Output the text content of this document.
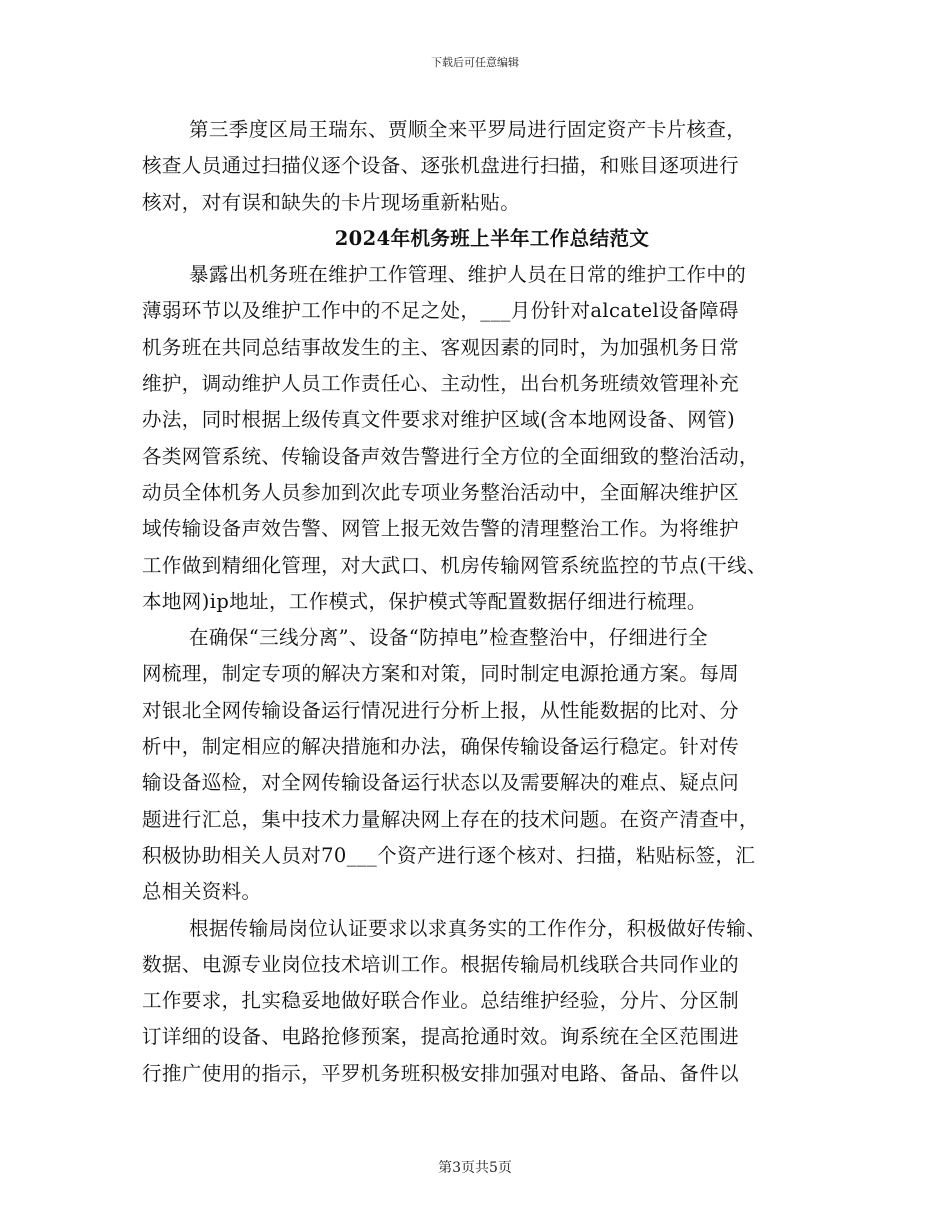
下载后可任意编辑
第三季度区局王瑞东、贾顺全来平罗局进行固定资产卡片核查，
核查人员通过扫描仪逐个设备、逐张机盘进行扫描，和账目逐项进行
核对，对有误和缺失的卡片现场重新粘贴。
2024年机务班上半年工作总结范文
暴露出机务班在维护工作管理、维护人员在日常的维护工作中的
薄弱环节以及维护工作中的不足之处，___月份针对alcatel设备障碍
机务班在共同总结事故发生的主、客观因素的同时，为加强机务日常
维护，调动维护人员工作责任心、主动性，出台机务班绩效管理补充
办法，同时根据上级传真文件要求对维护区域(含本地网设备、网管)
各类网管系统、传输设备声效告警进行全方位的全面细致的整治活动，
动员全体机务人员参加到次此专项业务整治活动中，全面解决维护区
域传输设备声效告警、网管上报无效告警的清理整治工作。为将维护
工作做到精细化管理，对大武口、机房传输网管系统监控的节点(干线、
本地网)ip地址，工作模式，保护模式等配置数据仔细进行梳理。
在确保“三线分离”、设备“防掉电”检查整治中，仔细进行全
网梳理，制定专项的解决方案和对策，同时制定电源抢通方案。每周
对银北全网传输设备运行情况进行分析上报，从性能数据的比对、分
析中，制定相应的解决措施和办法，确保传输设备运行稳定。针对传
输设备巡检，对全网传输设备运行状态以及需要解决的难点、疑点问
题进行汇总，集中技术力量解决网上存在的技术问题。在资产清查中，
积极协助相关人员对70___个资产进行逐个核对、扫描，粘贴标签，汇
总相关资料。
根据传输局岗位认证要求以求真务实的工作作分，积极做好传输、
数据、电源专业岗位技术培训工作。根据传输局机线联合共同作业的
工作要求，扎实稳妥地做好联合作业。总结维护经验，分片、分区制
订详细的设备、电路抢修预案，提高抢通时效。询系统在全区范围进
行推广使用的指示，平罗机务班积极安排加强对电路、备品、备件以
第3页共5页
